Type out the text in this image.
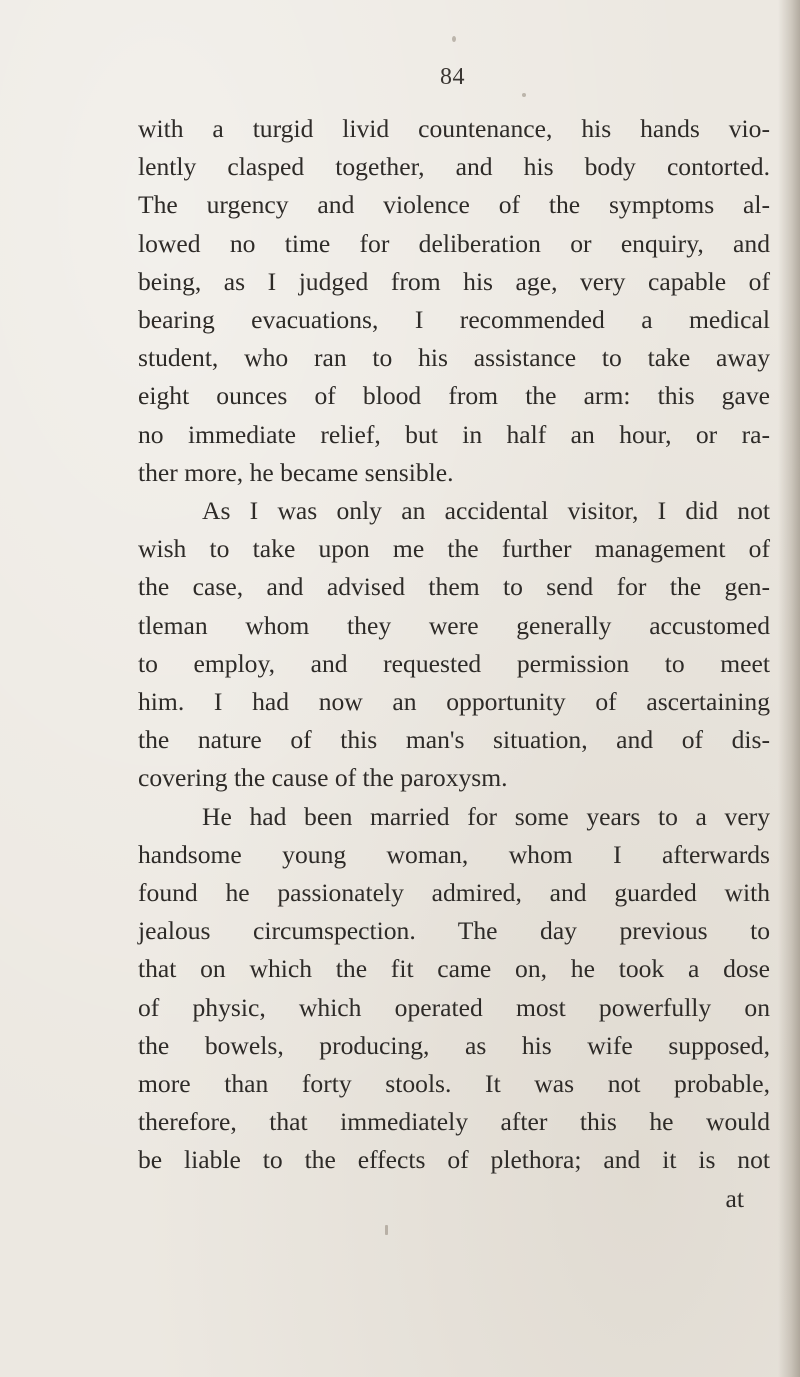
84
with a turgid livid countenance, his hands vio-
lently clasped together, and his body contorted.
The urgency and violence of the symptoms al-
lowed no time for deliberation or enquiry, and
being, as I judged from his age, very capable of
bearing evacuations, I recommended a medical
student, who ran to his assistance to take away
eight ounces of blood from the arm: this gave
no immediate relief, but in half an hour, or ra-
ther more, he became sensible.
As I was only an accidental visitor, I did not
wish to take upon me the further management of
the case, and advised them to send for the gen-
tleman whom they were generally accustomed
to employ, and requested permission to meet
him. I had now an opportunity of ascertaining
the nature of this man's situation, and of dis-
covering the cause of the paroxysm.
He had been married for some years to a very
handsome young woman, whom I afterwards
found he passionately admired, and guarded with
jealous circumspection. The day previous to
that on which the fit came on, he took a dose
of physic, which operated most powerfully on
the bowels, producing, as his wife supposed,
more than forty stools. It was not probable,
therefore, that immediately after this he would
be liable to the effects of plethora; and it is not
at
